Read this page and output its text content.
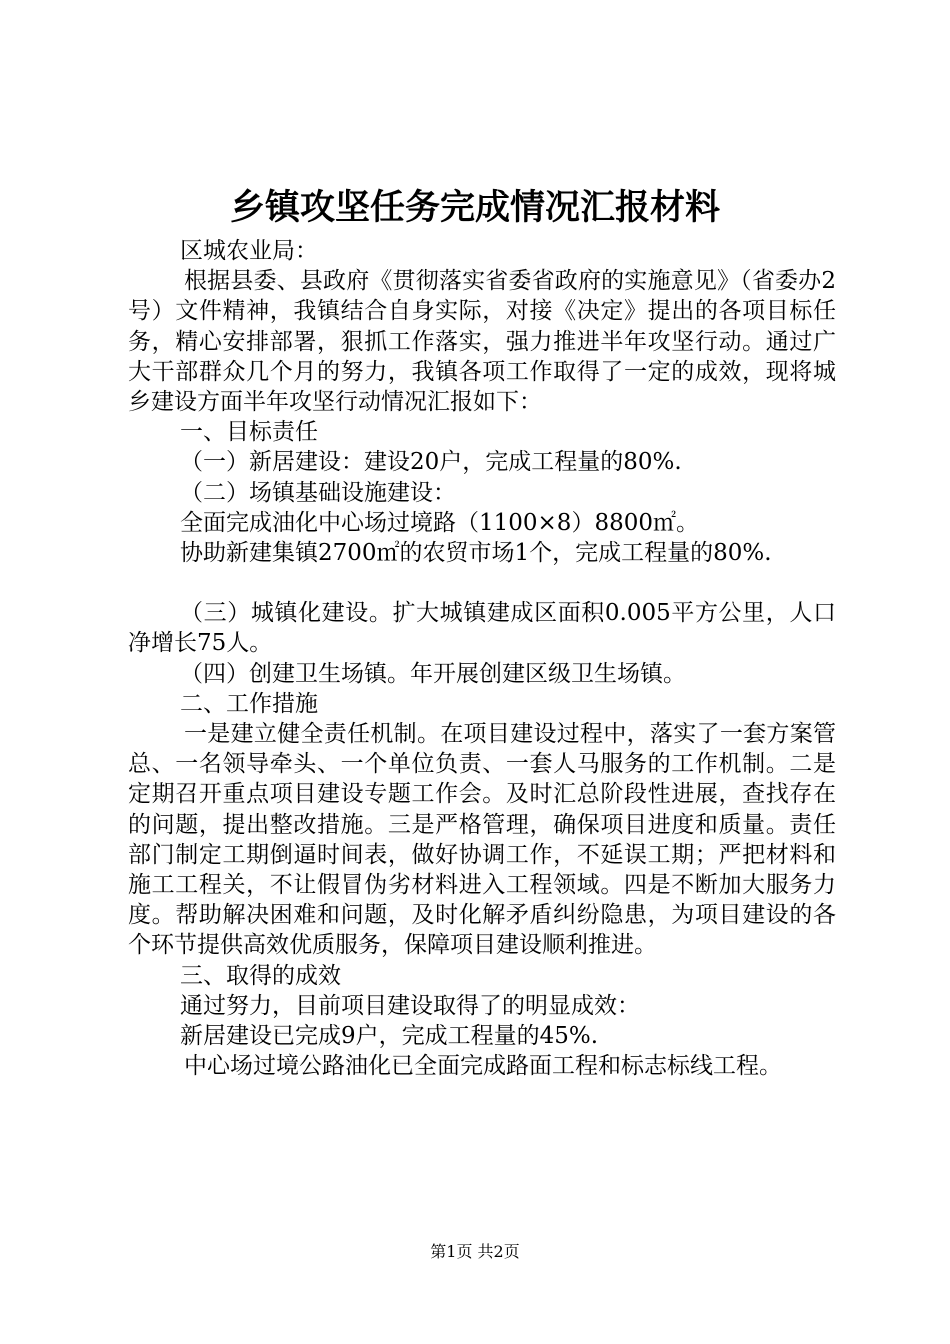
乡镇攻坚任务完成情况汇报材料

区城农业局：

根据县委、县政府《贯彻落实省委省政府的实施意见》（省委办2号）文件精神，我镇结合自身实际，对接《决定》提出的各项目标任务，精心安排部署，狠抓工作落实，强力推进半年攻坚行动。通过广大干部群众几个月的努力，我镇各项工作取得了一定的成效，现将城乡建设方面半年攻坚行动情况汇报如下：

一、目标责任

（一）新居建设：建设20户，完成工程量的80%.

（二）场镇基础设施建设：

全面完成油化中心场过境路（1100×8）8800㎡。

协助新建集镇2700㎡的农贸市场1个，完成工程量的80%.

（三）城镇化建设。扩大城镇建成区面积0.005平方公里，人口净增长75人。

（四）创建卫生场镇。年开展创建区级卫生场镇。

二、工作措施

一是建立健全责任机制。在项目建设过程中，落实了一套方案管总、一名领导牵头、一个单位负责、一套人马服务的工作机制。二是定期召开重点项目建设专题工作会。及时汇总阶段性进展，查找存在的问题，提出整改措施。三是严格管理，确保项目进度和质量。责任部门制定工期倒逼时间表，做好协调工作，不延误工期；严把材料和施工工程关，不让假冒伪劣材料进入工程领域。四是不断加大服务力度。帮助解决困难和问题，及时化解矛盾纠纷隐患，为项目建设的各个环节提供高效优质服务，保障项目建设顺利推进。

三、取得的成效

通过努力，目前项目建设取得了的明显成效：

新居建设已完成9户，完成工程量的45%.

中心场过境公路油化已全面完成路面工程和标志标线工程。

第1页 共2页
